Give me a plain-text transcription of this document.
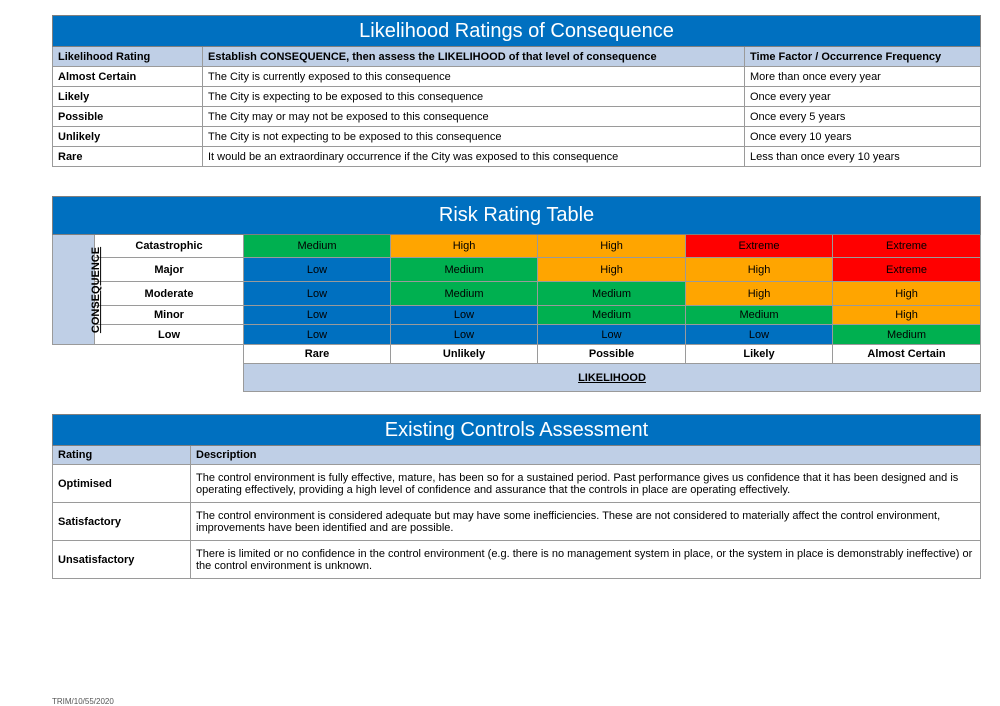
Likelihood Ratings of Consequence		
Likelihood Rating	Establish CONSEQUENCE, then assess the LIKELIHOOD of that level of consequence	Time Factor / Occurrence Frequency
Almost Certain	The City is currently exposed to this consequence	More than once every year
Likely	The City is expecting to be exposed to this consequence	Once every year
Possible	The City may or may not be exposed to this consequence	Once every 5 years
Unlikely	The City is not expecting to be exposed to this consequence	Once every 10 years
Rare	It would be an extraordinary occurrence if the City was exposed to this consequence	Less than once every 10 years
Risk Rating Table						
CONSEQUENCE	Catastrophic	Medium	High	High	Extreme	Extreme
	Major	Low	Medium	High	High	Extreme
	Moderate	Low	Medium	Medium	High	High
	Minor	Low	Low	Medium	Medium	High
	Low	Low	Low	Low	Low	Medium
		Rare	Unlikely	Possible	Likely	Almost Certain
		LIKELIHOOD				
Existing Controls Assessment	
Rating	Description
Optimised	The control environment is fully effective, mature, has been so for a sustained period. Past performance gives us confidence that it has been designed and is operating effectively, providing a high level of confidence and assurance that the controls in place are operating effectively.
Satisfactory	The control environment is considered adequate but may have some inefficiencies. These are not considered to materially affect the control environment, improvements have been identified and are possible.
Unsatisfactory	There is limited or no confidence in the control environment (e.g. there is no management system in place, or the system in place is demonstrably ineffective) or the control environment is unknown.
TRIM/10/55/2020
